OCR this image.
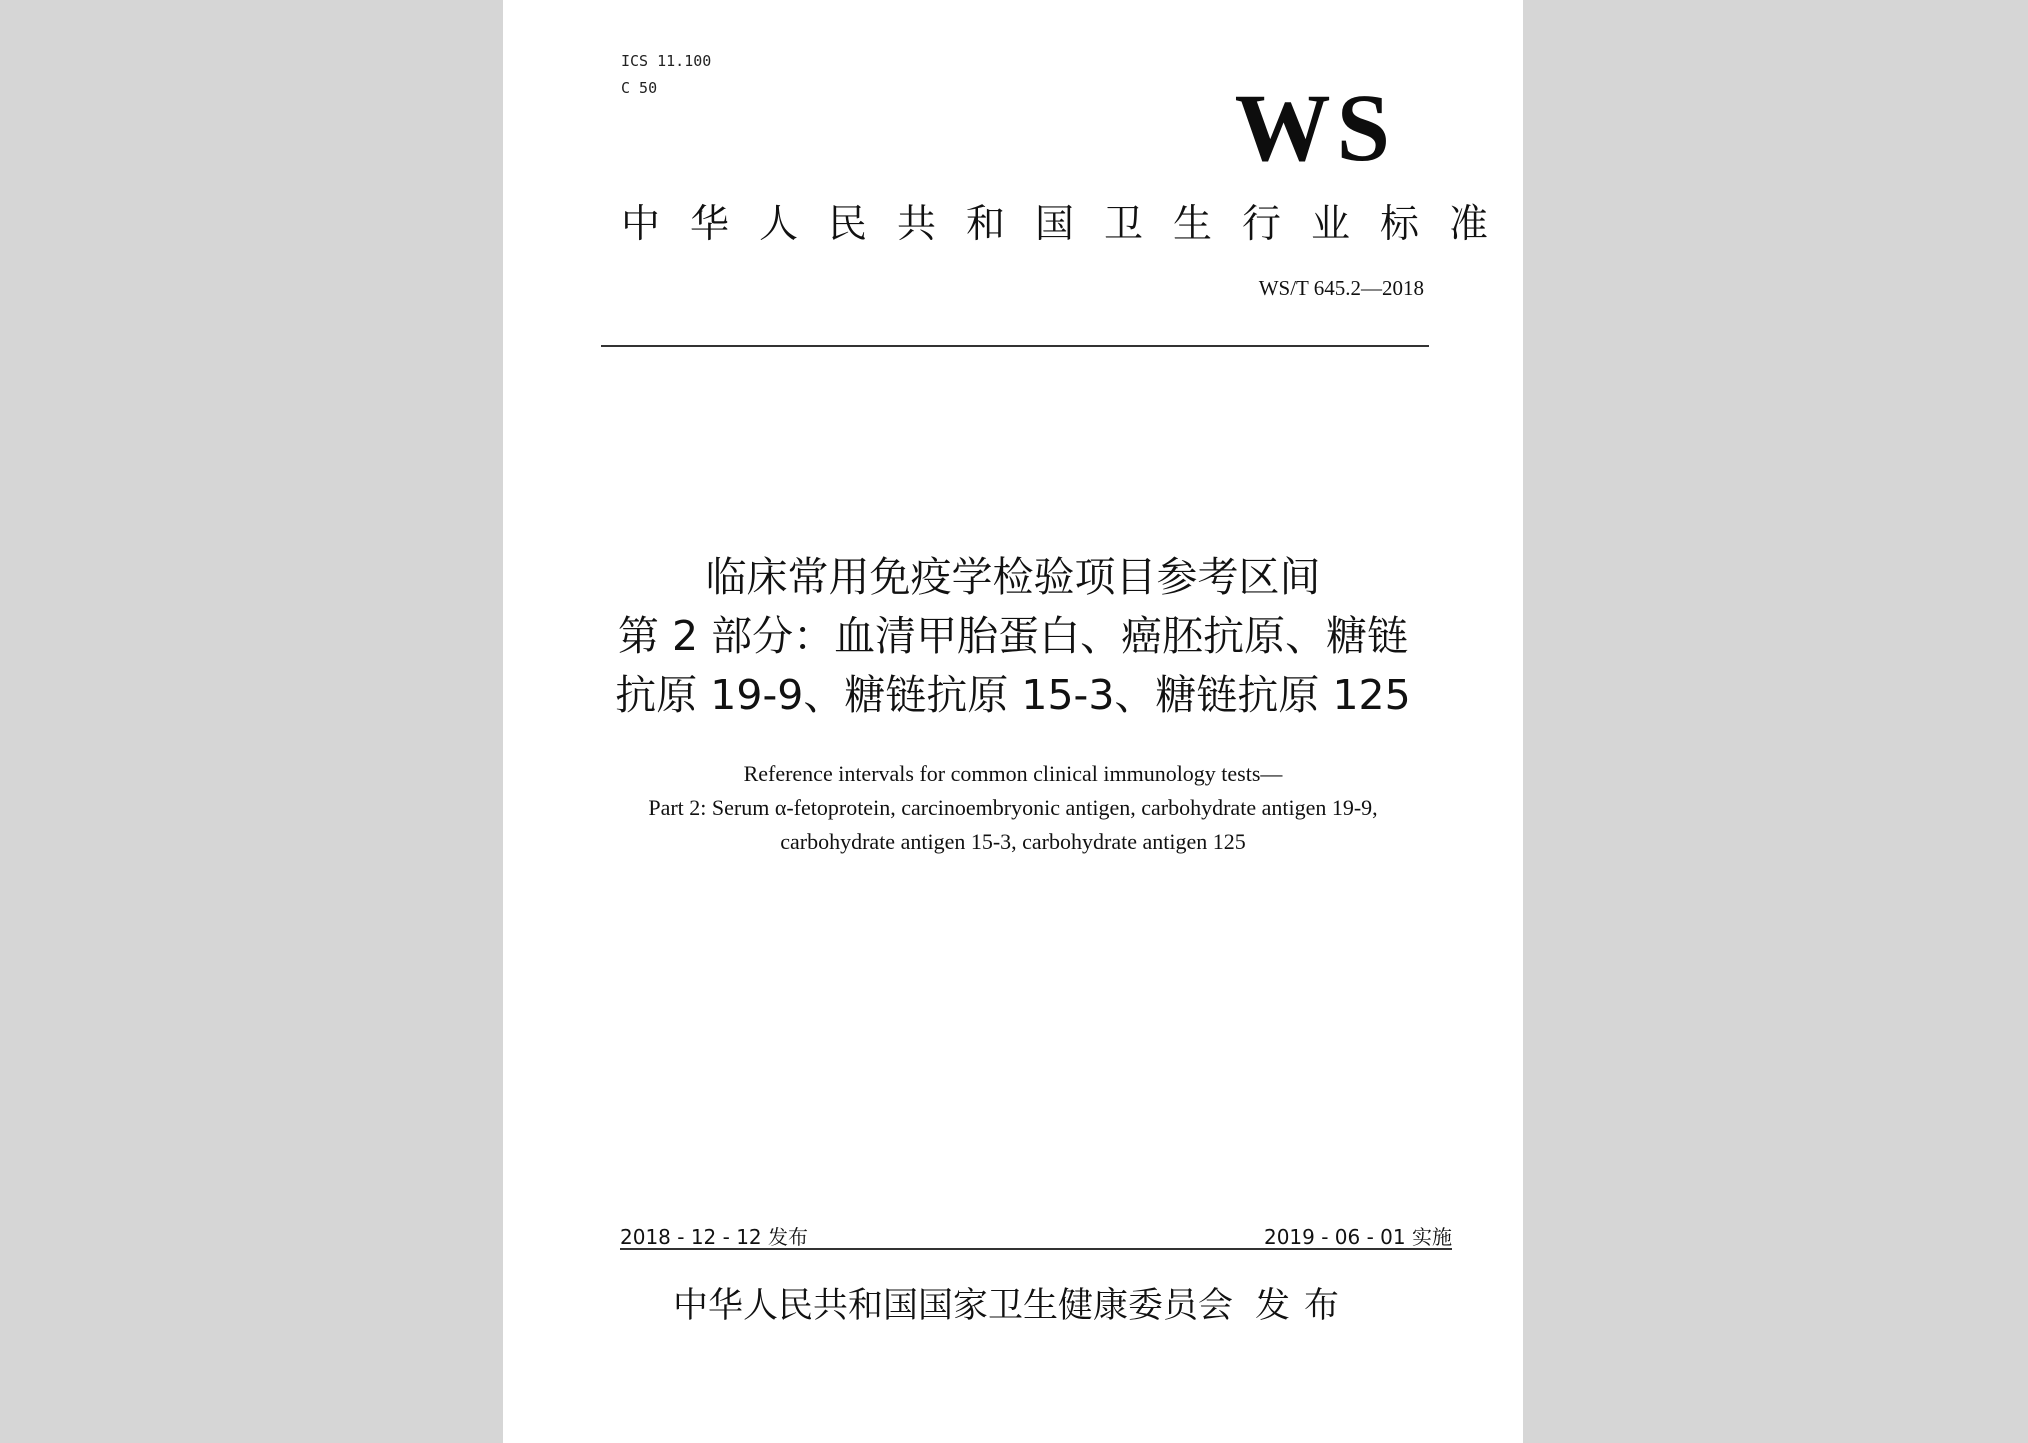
ICS 11.100
C 50	WS
中华人民共和国卫生行业标准
WS/T 645.2—2018
临床常用免疫学检验项目参考区间
第 2 部分：血清甲胎蛋白、癌胚抗原、糖链
抗原 19-9、糖链抗原 15-3、糖链抗原 125
Reference intervals for common clinical immunology tests—
Part 2: Serum α-fetoprotein, carcinoembryonic antigen, carbohydrate antigen 19-9,
carbohydrate antigen 15-3, carbohydrate antigen 125
2018 - 12 - 12 发布	2019 - 06 - 01 实施
中华人民共和国国家卫生健康委员会 发布
